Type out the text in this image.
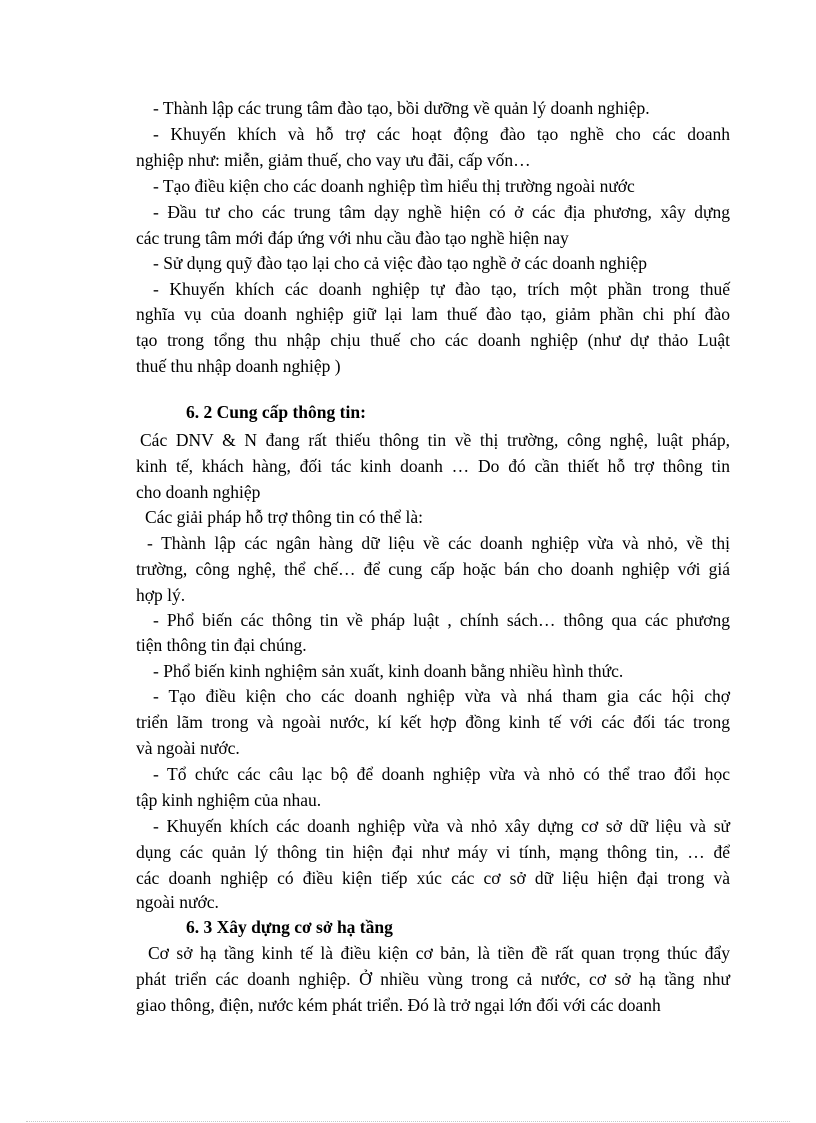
- Thành lập các trung tâm đào tạo, bồi dưỡng về quản lý doanh nghiệp.
- Khuyến khích và hỗ trợ các hoạt động đào tạo nghề cho các doanh
nghiệp như: miễn, giảm thuế, cho vay ưu đãi, cấp vốn…
- Tạo điều kiện cho các doanh nghiệp tìm hiểu thị trường ngoài nước
- Đầu tư cho các trung tâm dạy nghề hiện có ở các địa phương, xây dựng
các trung tâm mới đáp ứng với nhu cầu đào tạo nghề hiện nay
- Sử dụng quỹ đào tạo lại cho cả việc đào tạo nghề ở các doanh nghiệp
- Khuyến khích các doanh nghiệp tự đào tạo, trích một phần trong thuế
nghĩa vụ của doanh nghiệp giữ lại lam thuế đào tạo, giảm phần chi phí đào
tạo trong tổng thu nhập chịu thuế cho các doanh nghiệp (như dự thảo Luật
thuế thu nhập doanh nghiệp )
6. 2 Cung cấp thông tin:
Các DNV & N đang rất thiếu thông tin về thị trường, công nghệ, luật pháp,
kinh tế, khách hàng, đối tác kinh doanh … Do đó cần thiết hỗ trợ thông tin
cho doanh nghiệp
Các giải pháp hỗ trợ thông tin có thể là:
- Thành lập các ngân hàng dữ liệu về các doanh nghiệp vừa và nhỏ, về thị
trường, công nghệ, thể chế… để cung cấp hoặc bán cho doanh nghiệp với giá
hợp lý.
- Phổ biến các thông tin về pháp luật , chính sách… thông qua các phương
tiện thông tin đại chúng.
- Phổ biến kinh nghiệm sản xuất, kinh doanh bằng nhiều hình thức.
- Tạo điều kiện cho các doanh nghiệp vừa và nhá tham gia các hội chợ
triển lãm trong và ngoài nước, kí kết hợp đồng kinh tế với các đối tác trong
và ngoài nước.
- Tổ chức các câu lạc bộ để doanh nghiệp vừa và nhỏ có thể trao đổi học
tập kinh nghiệm của nhau.
- Khuyến khích các doanh nghiệp vừa và nhỏ xây dựng cơ sở dữ liệu và sử
dụng các quản lý thông tin hiện đại như máy vi tính, mạng thông tin, … để
các doanh nghiệp có điều kiện tiếp xúc các cơ sở dữ liệu hiện đại trong và
ngoài nước.
6. 3 Xây dựng cơ sở hạ tầng
Cơ sở hạ tầng kinh tế là điều kiện cơ bản, là tiền đề rất quan trọng thúc đẩy
phát triển các doanh nghiệp. Ở nhiều vùng trong cả nước, cơ sở hạ tầng như
giao thông, điện, nước kém phát triển. Đó là trở ngại lớn đối với các doanh
